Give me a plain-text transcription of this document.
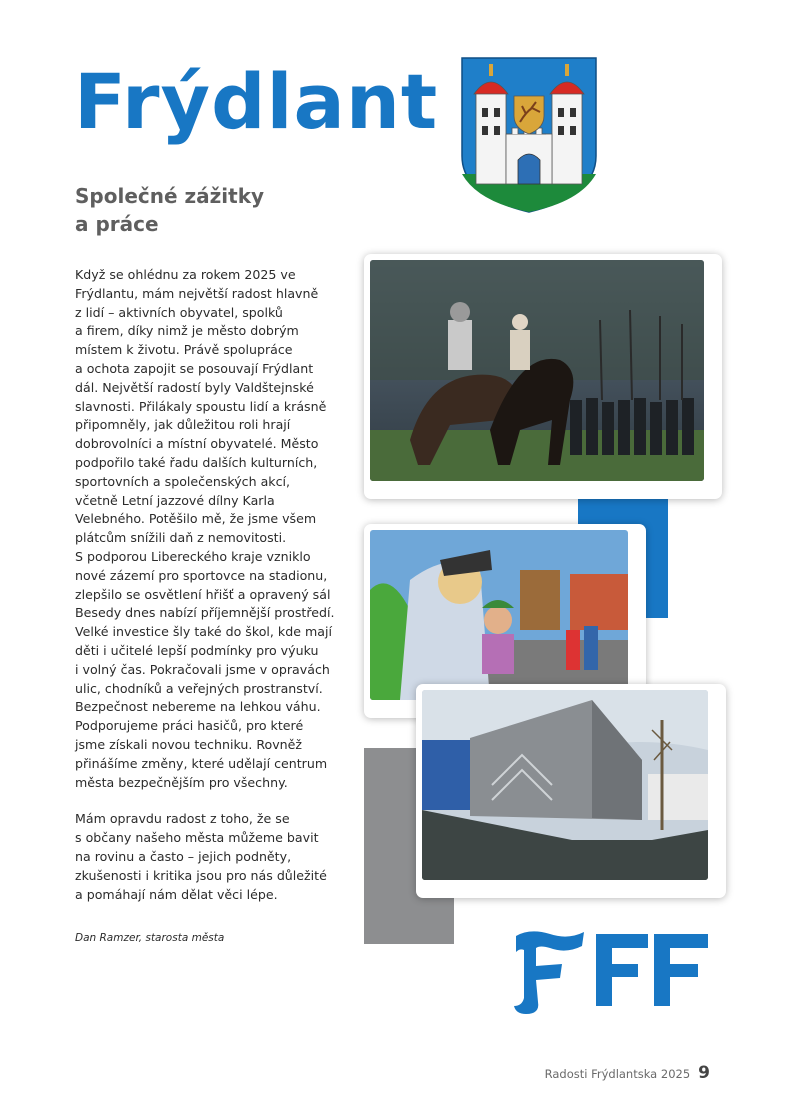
Frýdlant
Společné zážitky
a práce

Když se ohlédnu za rokem 2025 ve
Frýdlantu, mám největší radost hlavně
z lidí – aktivních obyvatel, spolků
a firem, díky nimž je město dobrým
místem k životu. Právě spolupráce
a ochota zapojit se posouvají Frýdlant
dál. Největší radostí byly Valdštejnské
slavnosti. Přilákaly spoustu lidí a krásně
připomněly, jak důležitou roli hrají
dobrovolníci a místní obyvatelé. Město
podpořilo také řadu dalších kulturních,
sportovních a společenských akcí,
včetně Letní jazzové dílny Karla
Velebného. Potěšilo mě, že jsme všem
plátcům snížili daň z nemovitosti.
S podporou Libereckého kraje vzniklo
nové zázemí pro sportovce na stadionu,
zlepšilo se osvětlení hřišť a opravený sál
Besedy dnes nabízí příjemnější prostředí.
Velké investice šly také do škol, kde mají
děti i učitelé lepší podmínky pro výuku
i volný čas. Pokračovali jsme v opravách
ulic, chodníků a veřejných prostranství.
Bezpečnost nebereme na lehkou váhu.
Podporujeme práci hasičů, pro které
jsme získali novou techniku. Rovněž
přinášíme změny, které udělají centrum
města bezpečnějším pro všechny.

Mám opravdu radost z toho, že se
s občany našeho města můžeme bavit
na rovinu a často – jejich podněty,
zkušenosti i kritika jsou pro nás důležité
a pomáhají nám dělat věci lépe.

Dan Ramzer, starosta města
Radosti Frýdlantska 2025 9
